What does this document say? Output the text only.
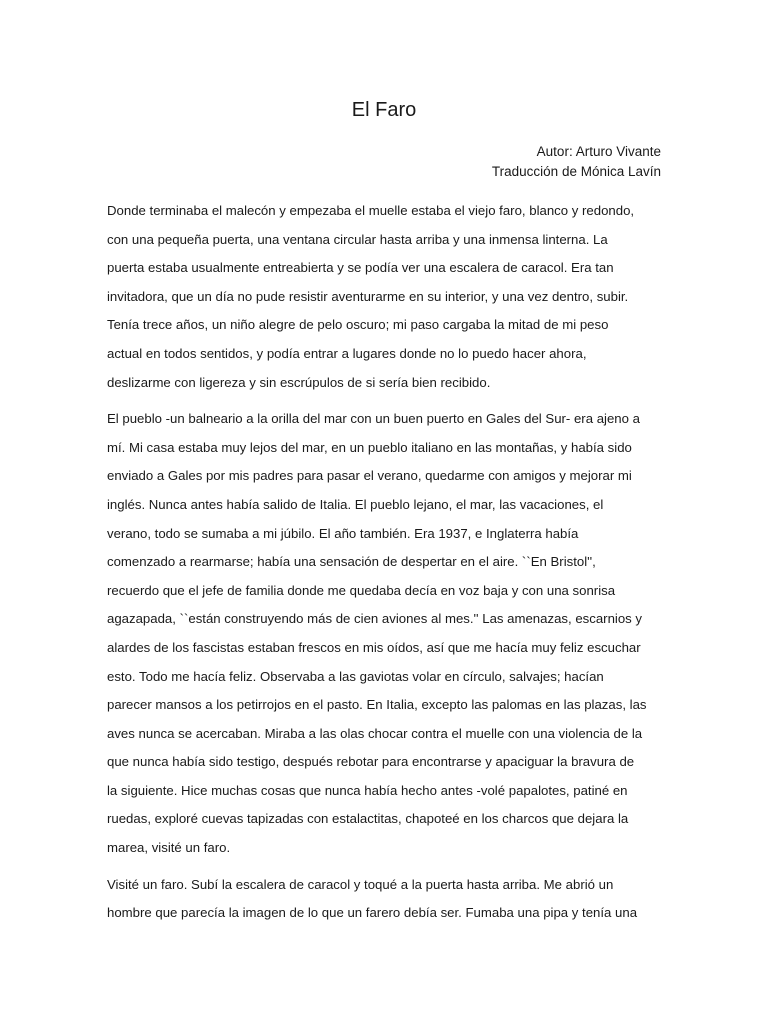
El Faro
Autor: Arturo Vivante
Traducción de Mónica Lavín
Donde terminaba el malecón y empezaba el muelle estaba el viejo faro, blanco y redondo,
con una pequeña puerta, una ventana circular hasta arriba y una inmensa linterna. La
puerta estaba usualmente entreabierta y se podía ver una escalera de caracol. Era tan
invitadora, que un día no pude resistir aventurarme en su interior, y una vez dentro, subir.
Tenía trece años, un niño alegre de pelo oscuro; mi paso cargaba la mitad de mi peso
actual en todos sentidos, y podía entrar a lugares donde no lo puedo hacer ahora,
deslizarme con ligereza y sin escrúpulos de si sería bien recibido.
El pueblo -un balneario a la orilla del mar con un buen puerto en Gales del Sur- era ajeno a
mí. Mi casa estaba muy lejos del mar, en un pueblo italiano en las montañas, y había sido
enviado a Gales por mis padres para pasar el verano, quedarme con amigos y mejorar mi
inglés. Nunca antes había salido de Italia. El pueblo lejano, el mar, las vacaciones, el
verano, todo se sumaba a mi júbilo. El año también. Era 1937, e Inglaterra había
comenzado a rearmarse; había una sensación de despertar en el aire. ``En Bristol'',
recuerdo que el jefe de familia donde me quedaba decía en voz baja y con una sonrisa
agazapada, ``están construyendo más de cien aviones al mes.'' Las amenazas, escarnios y
alardes de los fascistas estaban frescos en mis oídos, así que me hacía muy feliz escuchar
esto. Todo me hacía feliz. Observaba a las gaviotas volar en círculo, salvajes; hacían
parecer mansos a los petirrojos en el pasto. En Italia, excepto las palomas en las plazas, las
aves nunca se acercaban. Miraba a las olas chocar contra el muelle con una violencia de la
que nunca había sido testigo, después rebotar para encontrarse y apaciguar la bravura de
la siguiente. Hice muchas cosas que nunca había hecho antes -volé papalotes, patiné en
ruedas, exploré cuevas tapizadas con estalactitas, chapoteé en los charcos que dejara la
marea, visité un faro.
Visité un faro. Subí la escalera de caracol y toqué a la puerta hasta arriba. Me abrió un
hombre que parecía la imagen de lo que un farero debía ser. Fumaba una pipa y tenía una
